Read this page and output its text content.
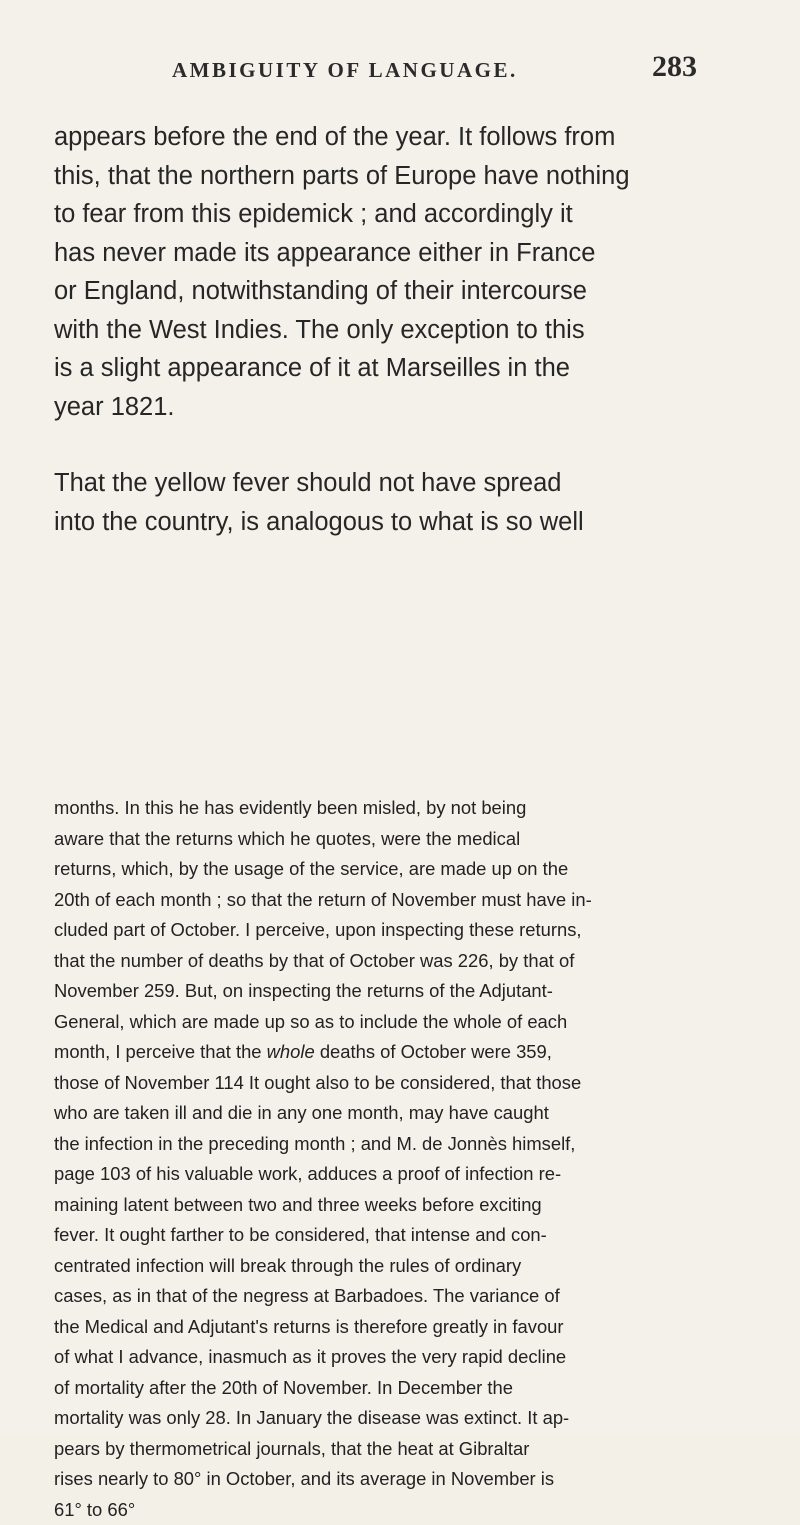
AMBIGUITY OF LANGUAGE.	283

appears before the end of the year. It follows from
this, that the northern parts of Europe have nothing
to fear from this epidemick ; and accordingly it
has never made its appearance either in France
or England, notwithstanding of their intercourse
with the West Indies. The only exception to this
is a slight appearance of it at Marseilles in the
year 1821.

That the yellow fever should not have spread
into the country, is analogous to what is so well

months. In this he has evidently been misled, by not being
aware that the returns which he quotes, were the medical
returns, which, by the usage of the service, are made up on the
20th of each month ; so that the return of November must have in-
cluded part of October. I perceive, upon inspecting these returns,
that the number of deaths by that of October was 226, by that of
November 259. But, on inspecting the returns of the Adjutant-
General, which are made up so as to include the whole of each
month, I perceive that the whole deaths of October were 359,
those of November 114 It ought also to be considered, that those
who are taken ill and die in any one month, may have caught
the infection in the preceding month ; and M. de Jonnès himself,
page 103 of his valuable work, adduces a proof of infection re-
maining latent between two and three weeks before exciting
fever. It ought farther to be considered, that intense and con-
centrated infection will break through the rules of ordinary
cases, as in that of the negress at Barbadoes. The variance of
the Medical and Adjutant's returns is therefore greatly in favour
of what I advance, inasmuch as it proves the very rapid decline
of mortality after the 20th of November. In December the
mortality was only 28. In January the disease was extinct. It ap-
pears by thermometrical journals, that the heat at Gibraltar
rises nearly to 80° in October, and its average in November is
61° to 66°
